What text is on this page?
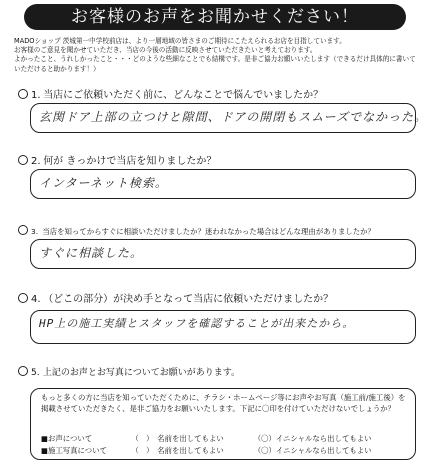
お客様のお声をお聞かせください！
MADOショップ 茨城第一中学校前店は、より一層地域の皆さまのご期待にこたえられるお店を目指しています。
お客様のご意見を聞かせていただき、当店の今後の活動に反映させていただきたいと考えております。
よかったこと、うれしかったこと・・・どのような些細なことでも結構です。是非ご協力お願いいたします（できるだけ具体的に書いていただけると助かります！）
1. 当店にご依頼いただく前に、どんなことで悩んでいましたか？
玄関ドア上部の立つけと隙間、ドアの開閉もスムーズでなかった。
2. 何が きっかけで当店を知りましたか？
インターネット検索。
3. 当店を知ってからすぐに相談いただけましたか？迷われなかった場合はどんな理由がありましたか？
すぐに相談した。
4. （どこの部分）が決め手となって当店に依頼いただけましたか？
HP上の施工実績とスタッフを確認することが出来たから。
5. 上記のお声とお写真についてお願いがあります。
もっと多くの方に当店を知っていただくために、チラシ・ホームページ等にお声やお写真（施工前/施工後）を掲載させていただきたく、是非ご協力をお願いいたします。下記に〇印を付けていただけないでしょうか？
■お声について	（　）　名前を出してもよい	（〇）イニシャルなら出してもよい
■施工写真について	（　）　名前を出してもよい	（〇）イニシャルなら出してもよい
